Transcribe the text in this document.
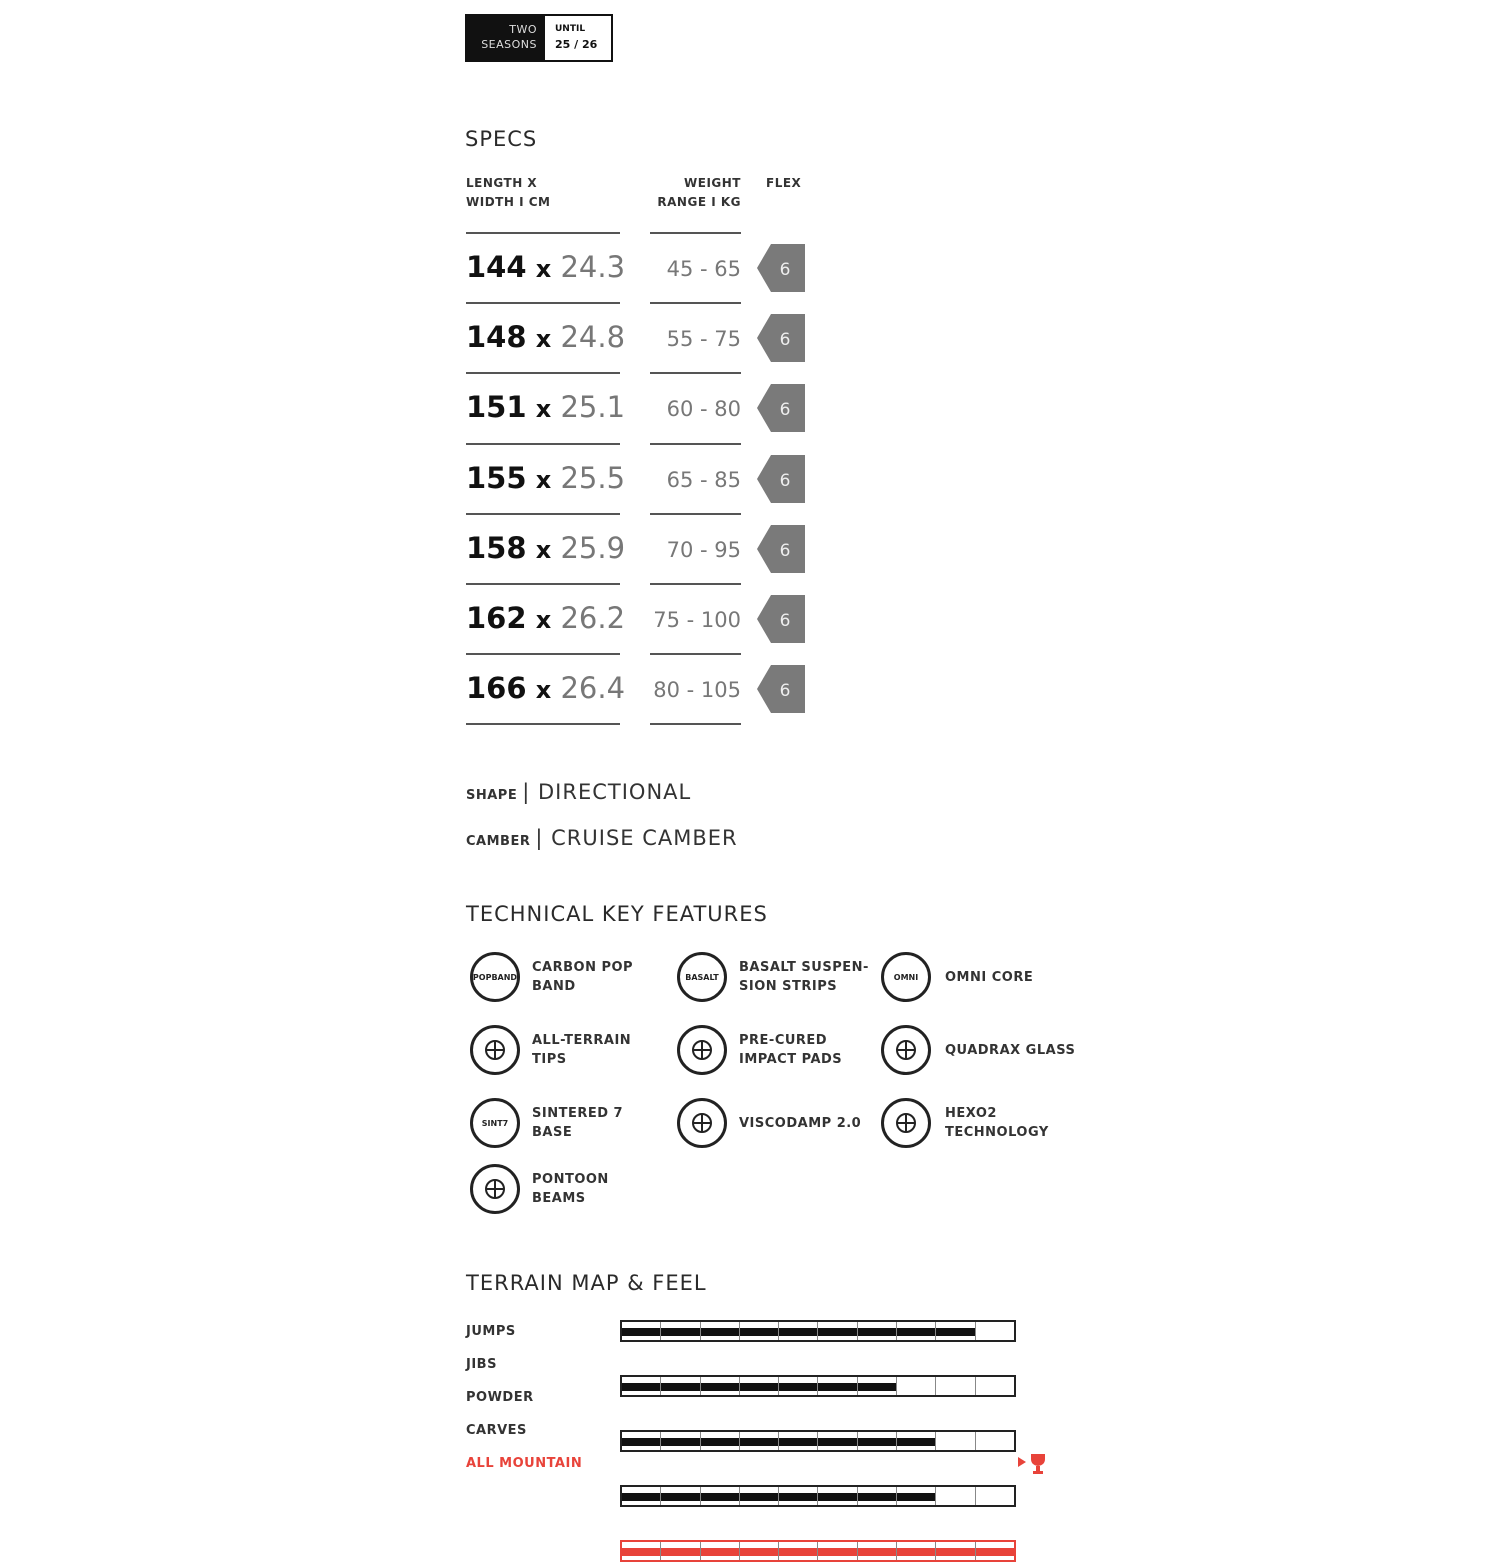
TWO
SEASONS
UNTIL
25 / 26
SPECS
LENGTH X
WIDTH I CM
WEIGHT
RANGE I KG
FLEX
144 x 24.3	45 - 65 6
148 x 24.8	55 - 75 6
151 x 25.1	60 - 80 6
155 x 25.5	65 - 85 6
158 x 25.9	70 - 95 6
162 x 26.2	75 - 100 6
166 x 26.4	80 - 105 6
SHAPE | DIRECTIONAL
CAMBER | CRUISE CAMBER
TECHNICAL KEY FEATURES
POPBAND
CARBON POP
BAND
BASALT
BASALT SUSPEN-
SION STRIPS
OMNI OMNI CORE
ALL-TERRAIN
TIPS
PRE-CURED
IMPACT PADS
QUADRAX GLASS
SINT7
SINTERED 7
BASE
VISCODAMP 2.0
HEXO2
TECHNOLOGY
PONTOON
BEAMS
TERRAIN MAP & FEEL
JUMPS
JIBS
POWDER
CARVES
ALL MOUNTAIN
